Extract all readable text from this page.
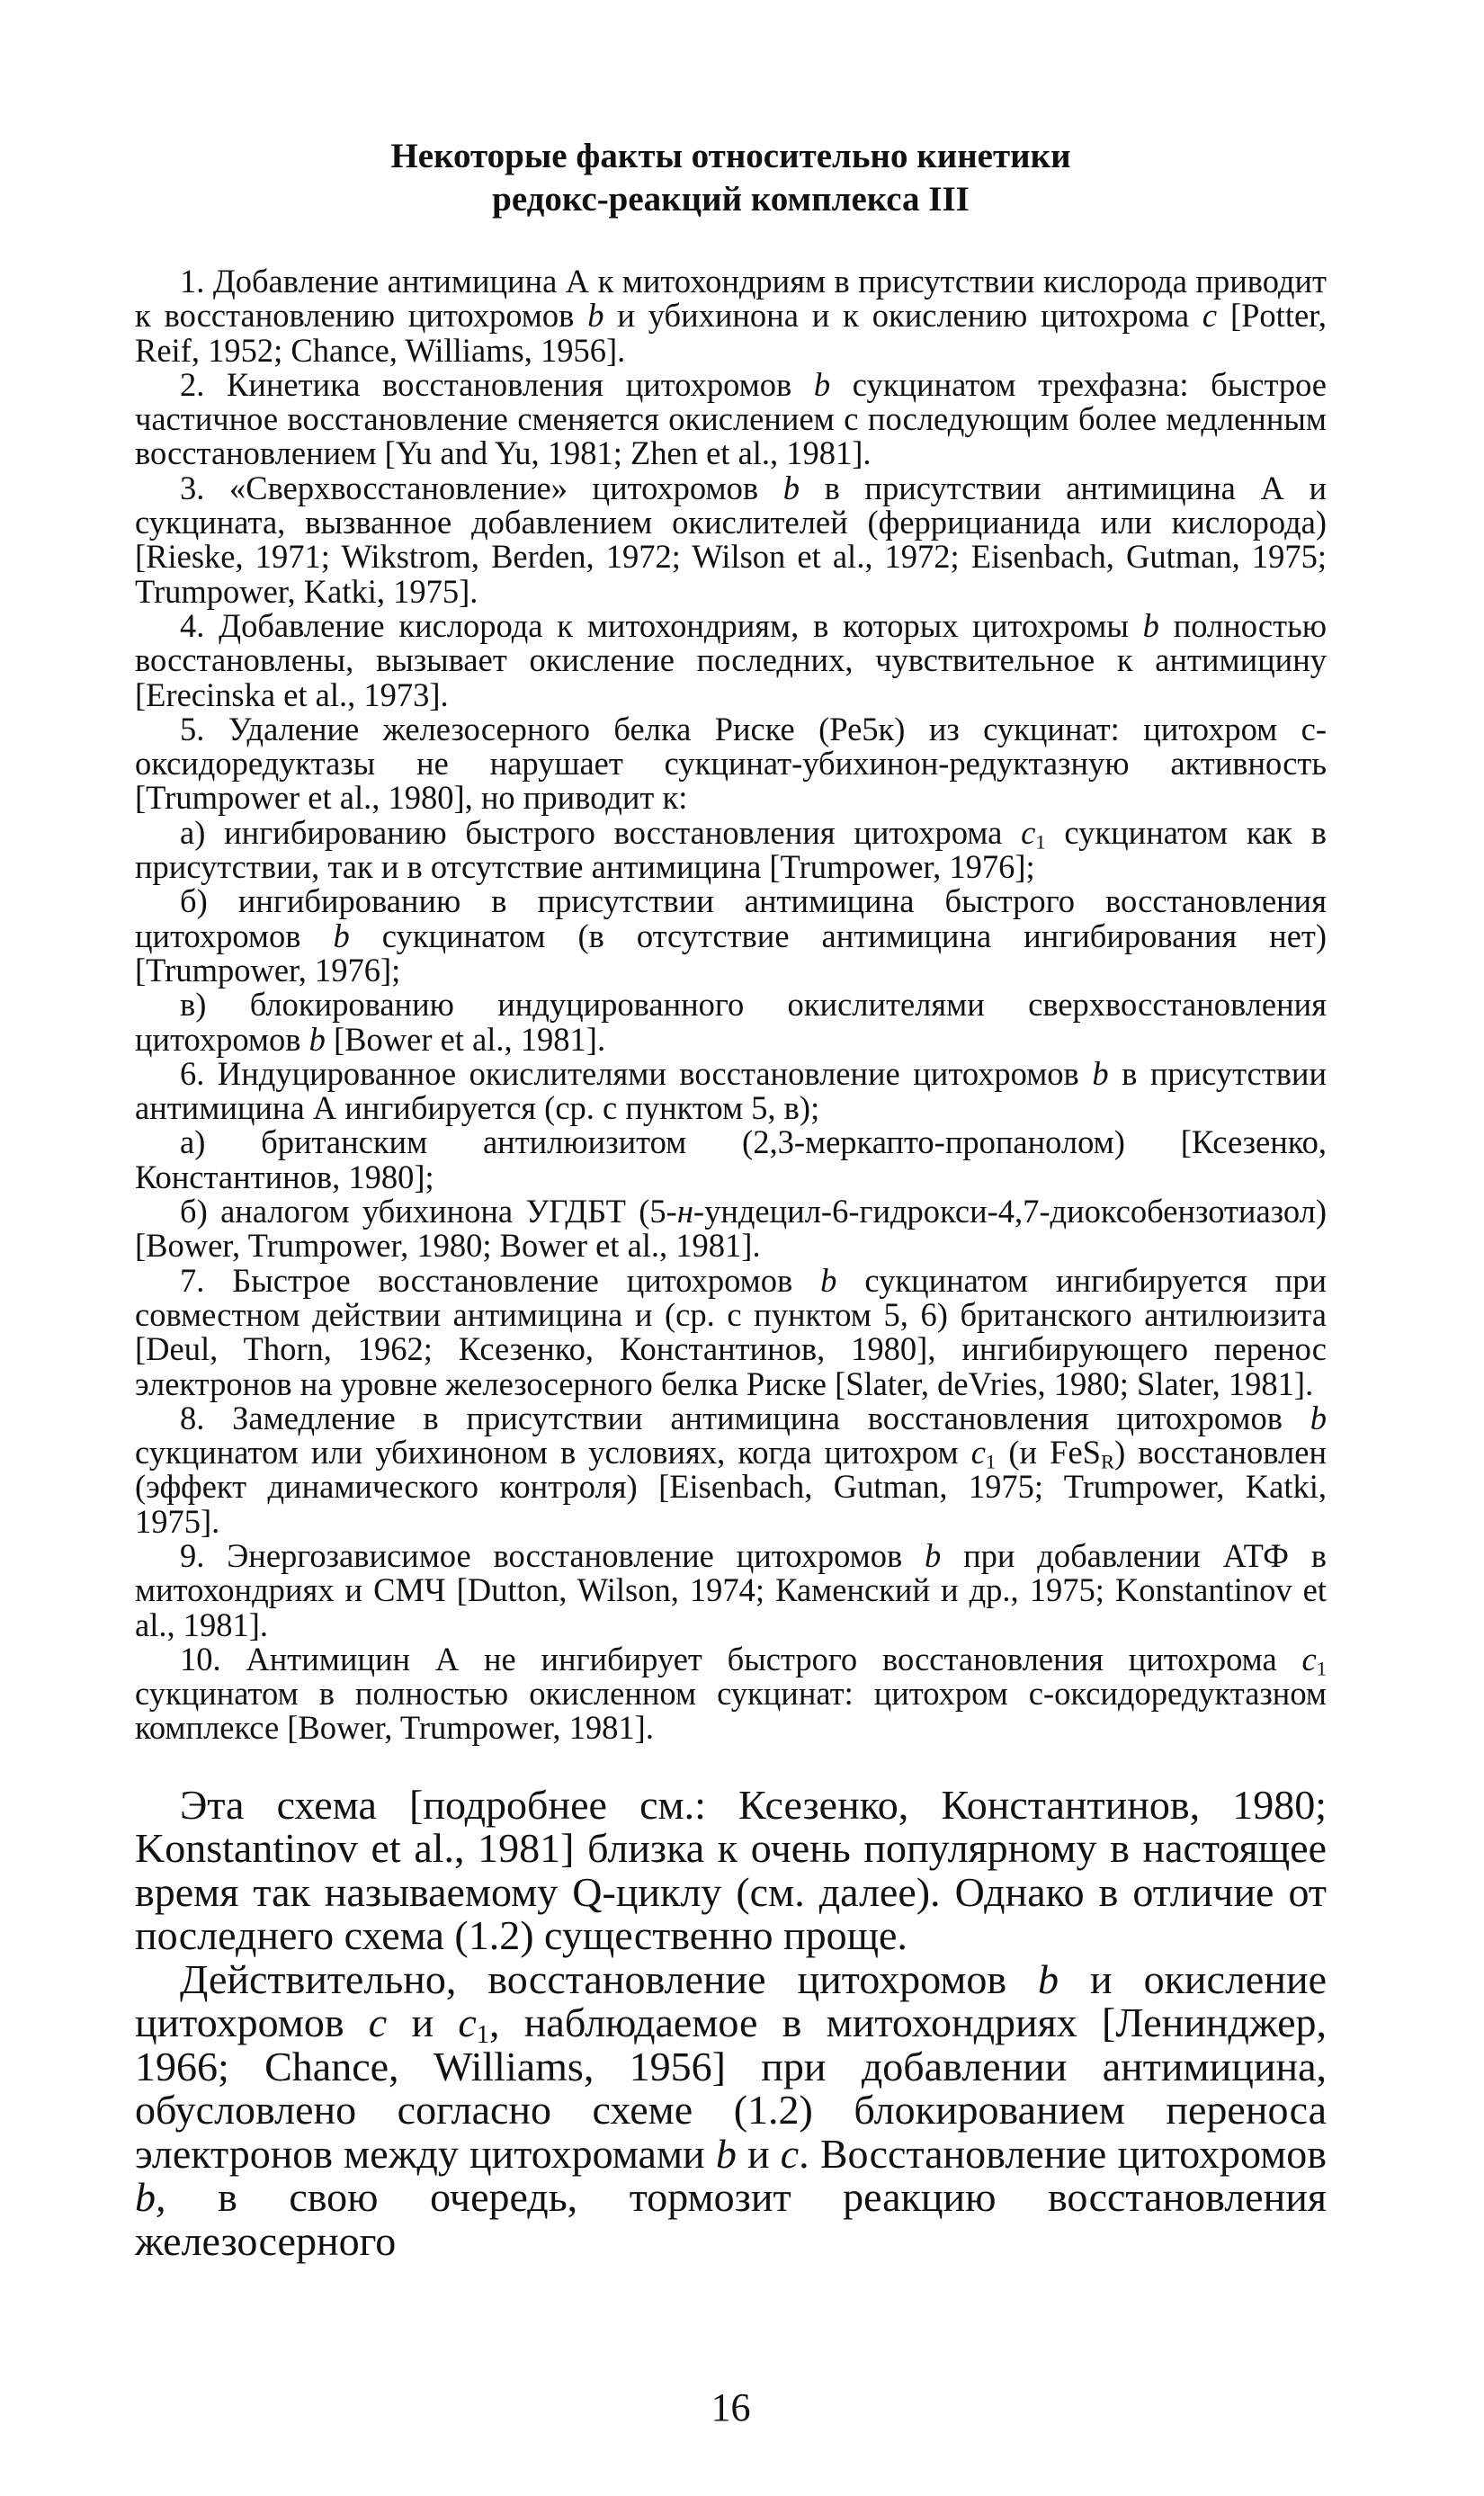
Некоторые факты относительно кинетики
редокс-реакций комплекса III

1. Добавление антимицина А к митохондриям в присутствии кислорода приводит к восстановлению цитохромов b и убихинона и к окислению цитохрома c [Potter, Reif, 1952; Chance, Williams, 1956].

2. Кинетика восстановления цитохромов b сукцинатом трехфазна: быстрое частичное восстановление сменяется окислением с последующим более медленным восстановлением [Yu and Yu, 1981; Zhen et al., 1981].

3. «Сверхвосстановление» цитохромов b в присутствии антимицина А и сукцината, вызванное добавлением окислителей (феррицианида или кислорода) [Rieske, 1971; Wikstrom, Berden, 1972; Wilson et al., 1972; Eisenbach, Gutman, 1975; Trumpower, Katki, 1975].

4. Добавление кислорода к митохондриям, в которых цитохромы b полностью восстановлены, вызывает окисление последних, чувствительное к антимицину [Erecinska et al., 1973].

5. Удаление железосерного белка Риске (Ре5к) из сукцинат: цитохром с-оксидоредуктазы не нарушает сукцинат-убихинон-редуктазную активность [Trumpower et al., 1980], но приводит к:

а) ингибированию быстрого восстановления цитохрома $c_1$ сукцинатом как в присутствии, так и в отсутствие антимицина [Trumpower, 1976];

б) ингибированию в присутствии антимицина быстрого восстановления цитохромов b сукцинатом (в отсутствие антимицина ингибирования нет) [Trumpower, 1976];

в) блокированию индуцированного окислителями сверхвосстановления цитохромов b [Bower et al., 1981].

6. Индуцированное окислителями восстановление цитохромов b в присутствии антимицина А ингибируется (ср. с пунктом 5, в);

а) британским антилюизитом (2,3-меркапто-пропанолом) [Ксезенко, Константинов, 1980];

б) аналогом убихинона УГДБТ (5-н-ундецил-6-гидрокси-4,7-диоксобензотиазол) [Bower, Trumpower, 1980; Bower et al., 1981].

7. Быстрое восстановление цитохромов b сукцинатом ингибируется при совместном действии антимицина и (ср. с пунктом 5, 6) британского антилюизита [Deul, Thorn, 1962; Ксезенко, Константинов, 1980], ингибирующего перенос электронов на уровне железосерного белка Риске [Slater, deVries, 1980; Slater, 1981].

8. Замедление в присутствии антимицина восстановления цитохромов b сукцинатом или убихиноном в условиях, когда цитохром $c_1$ (и FeS$_R$) восстановлен (эффект динамического контроля) [Eisenbach, Gutman, 1975; Trumpower, Katki, 1975].

9. Энергозависимое восстановление цитохромов b при добавлении АТФ в митохондриях и СМЧ [Dutton, Wilson, 1974; Каменский и др., 1975; Konstantinov et al., 1981].

10. Антимицин А не ингибирует быстрого восстановления цитохрома $c_1$ сукцинатом в полностью окисленном сукцинат: цитохром с-оксидоредуктазном комплексе [Bower, Trumpower, 1981].

Эта схема [подробнее см.: Ксезенко, Константинов, 1980; Konstantinov et al., 1981] близка к очень популярному в настоящее время так называемому Q-циклу (см. далее). Однако в отличие от последнего схема (1.2) существенно проще.

Действительно, восстановление цитохромов b и окисление цитохромов c и $c_1$, наблюдаемое в митохондриях [Ленинджер, 1966; Chance, Williams, 1956] при добавлении антимицина, обусловлено согласно схеме (1.2) блокированием переноса электронов между цитохромами b и c. Восстановление цитохромов b, в свою очередь, тормозит реакцию восстановления железосерного

16
